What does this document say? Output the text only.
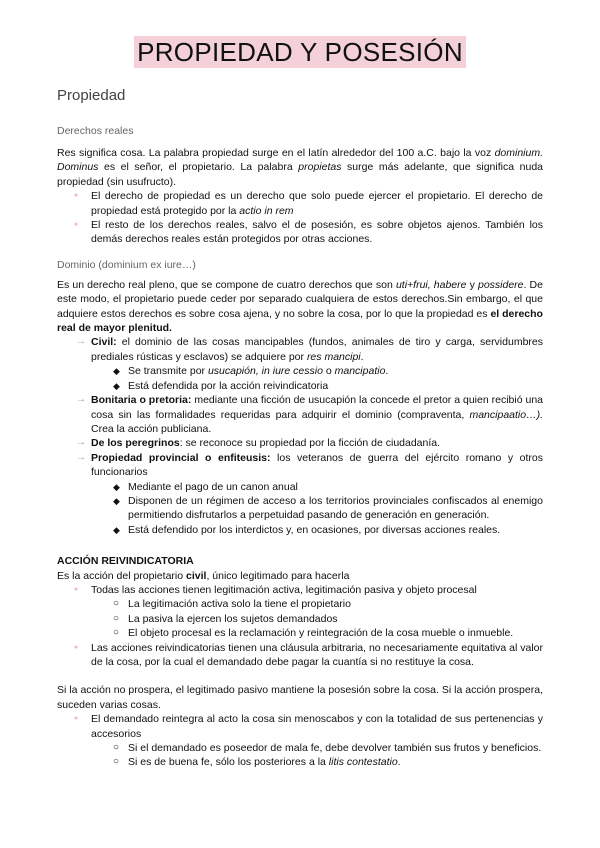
PROPIEDAD Y POSESIÓN
Propiedad
Derechos reales

Res significa cosa. La palabra propiedad surge en el latín alrededor del 100 a.C. bajo la voz dominium. Dominus es el señor, el propietario. La palabra propietas surge más adelante, que significa nuda propiedad (sin usufructo).

● El derecho de propiedad es un derecho que solo puede ejercer el propietario. El derecho de propiedad está protegido por la actio in rem
● El resto de los derechos reales, salvo el de posesión, es sobre objetos ajenos. También los demás derechos reales están protegidos por otras acciones.
Dominio (dominium ex iure…)

Es un derecho real pleno, que se compone de cuatro derechos que son uti+frui, habere y possidere. De este modo, el propietario puede ceder por separado cualquiera de estos derechos.Sin embargo, el que adquiere estos derechos es sobre cosa ajena, y no sobre la cosa, por lo que la propiedad es el derecho real de mayor plenitud.

→ Civil: el dominio de las cosas mancipables (fundos, animales de tiro y carga, servidumbres prediales rústicas y esclavos) se adquiere por res mancipi.
◆ Se transmite por usucapión, in iure cessio o mancipatio.
◆ Está defendida por la acción reivindicatoria
→ Bonitaria o pretoria: mediante una ficción de usucapión la concede el pretor a quien recibió una cosa sin las formalidades requeridas para adquirir el dominio (compraventa, mancipaatio…). Crea la acción publiciana.
→ De los peregrinos: se reconoce su propiedad por la ficción de ciudadanía.
→ Propiedad provincial o enfiteusis: los veteranos de guerra del ejército romano y otros funcionarios
◆ Mediante el pago de un canon anual
◆ Disponen de un régimen de acceso a los territorios provinciales confiscados al enemigo permitiendo disfrutarlos a perpetuidad pasando de generación en generación.
◆ Está defendido por los interdictos y, en ocasiones, por diversas acciones reales.

ACCIÓN REIVINDICATORIA

Es la acción del propietario civil, único legitimado para hacerla

● Todas las acciones tienen legitimación activa, legitimación pasiva y objeto procesal
○ La legitimación activa solo la tiene el propietario
○ La pasiva la ejercen los sujetos demandados
○ El objeto procesal es la reclamación y reintegración de la cosa mueble o inmueble.
● Las acciones reivindicatorias tienen una cláusula arbitraria, no necesariamente equitativa al valor de la cosa, por la cual el demandado debe pagar la cuantía si no restituye la cosa.

Si la acción no prospera, el legitimado pasivo mantiene la posesión sobre la cosa. Si la acción prospera, suceden varias cosas.

● El demandado reintegra al acto la cosa sin menoscabos y con la totalidad de sus pertenencias y accesorios
○ Si el demandado es poseedor de mala fe, debe devolver también sus frutos y beneficios.
○ Si es de buena fe, sólo los posteriores a la litis contestatio.
